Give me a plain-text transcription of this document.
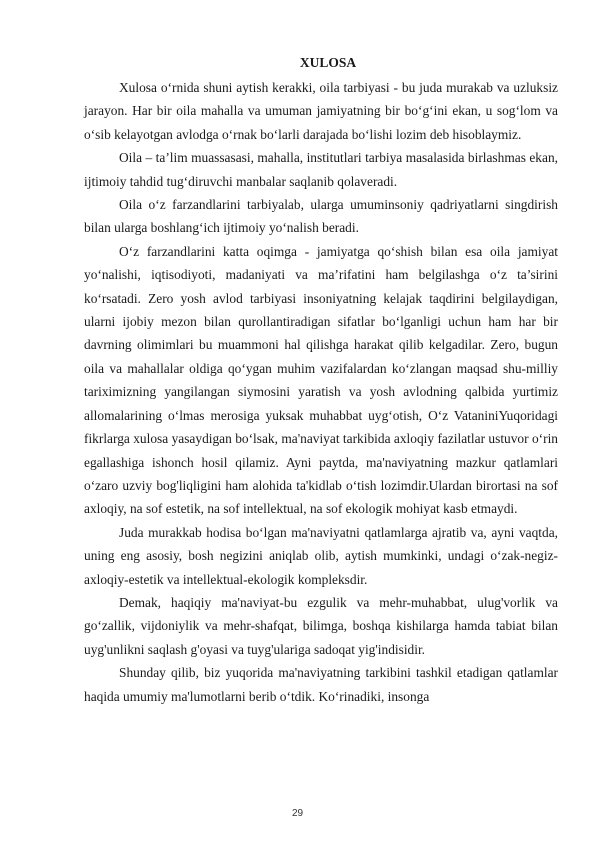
XULOSA

Xulosa o‘rnida shuni aytish kerakki, oila tarbiyasi - bu juda murakab va uzluksiz jarayon. Har bir oila mahalla va umuman jamiyatning bir bo‘g‘ini ekan, u sog‘lom va o‘sib kelayotgan avlodga o‘rnak bo‘larli darajada bo‘lishi lozim deb hisoblaymiz.

Oila – ta’lim muassasasi, mahalla, institutlari tarbiya masalasida birlashmas ekan, ijtimoiy tahdid tug‘diruvchi manbalar saqlanib qolaveradi.

Oila o‘z farzandlarini tarbiyalab, ularga umuminsoniy qadriyatlarni singdirish bilan ularga boshlang‘ich ijtimoiy yo‘nalish beradi.

O‘z farzandlarini katta oqimga - jamiyatga qo‘shish bilan esa oila jamiyat yo‘nalishi, iqtisodiyoti, madaniyati va ma’rifatini ham belgilashga o‘z ta’sirini ko‘rsatadi. Zero yosh avlod tarbiyasi insoniyatning kelajak taqdirini belgilaydigan, ularni ijobiy mezon bilan qurollantiradigan sifatlar bo‘lganligi uchun ham har bir davrning olimimlari bu muammoni hal qilishga harakat qilib kelgadilar. Zero, bugun oila va mahallalar oldiga qo‘ygan muhim vazifalardan ko‘zlangan maqsad shu-milliy tariximizning yangilangan siymosini yaratish va yosh avlodning qalbida yurtimiz allomalarining o‘lmas merosiga yuksak muhabbat uyg‘otish, O‘z VataniniYuqoridagi fikrlarga xulosa yasaydigan bo‘lsak, ma'naviyat tarkibida axloqiy fazilatlar ustuvor o‘rin egallashiga ishonch hosil qilamiz. Ayni paytda, ma'naviyatning mazkur qatlamlari o‘zaro uzviy bog'liqligini ham alohida ta'kidlab o‘tish lozimdir.Ulardan birortasi na sof axloqiy, na sof estetik, na sof intellektual, na sof ekologik mohiyat kasb etmaydi.

Juda murakkab hodisa bo‘lgan ma'naviyatni qatlamlarga ajratib va, ayni vaqtda, uning eng asosiy, bosh negizini aniqlab olib, aytish mumkinki, undagi o‘zak-negiz-axloqiy-estetik va intellektual-ekologik kompleksdir.

Demak, haqiqiy ma'naviyat-bu ezgulik va mehr-muhabbat, ulug'vorlik va go‘zallik, vijdoniylik va mehr-shafqat, bilimga, boshqa kishilarga hamda tabiat bilan uyg'unlikni saqlash g'oyasi va tuyg'ulariga sadoqat yig'indisidir.

Shunday qilib, biz yuqorida ma'naviyatning tarkibini tashkil etadigan qatlamlar haqida umumiy ma'lumotlarni berib o‘tdik. Ko‘rinadiki, insonga

29
